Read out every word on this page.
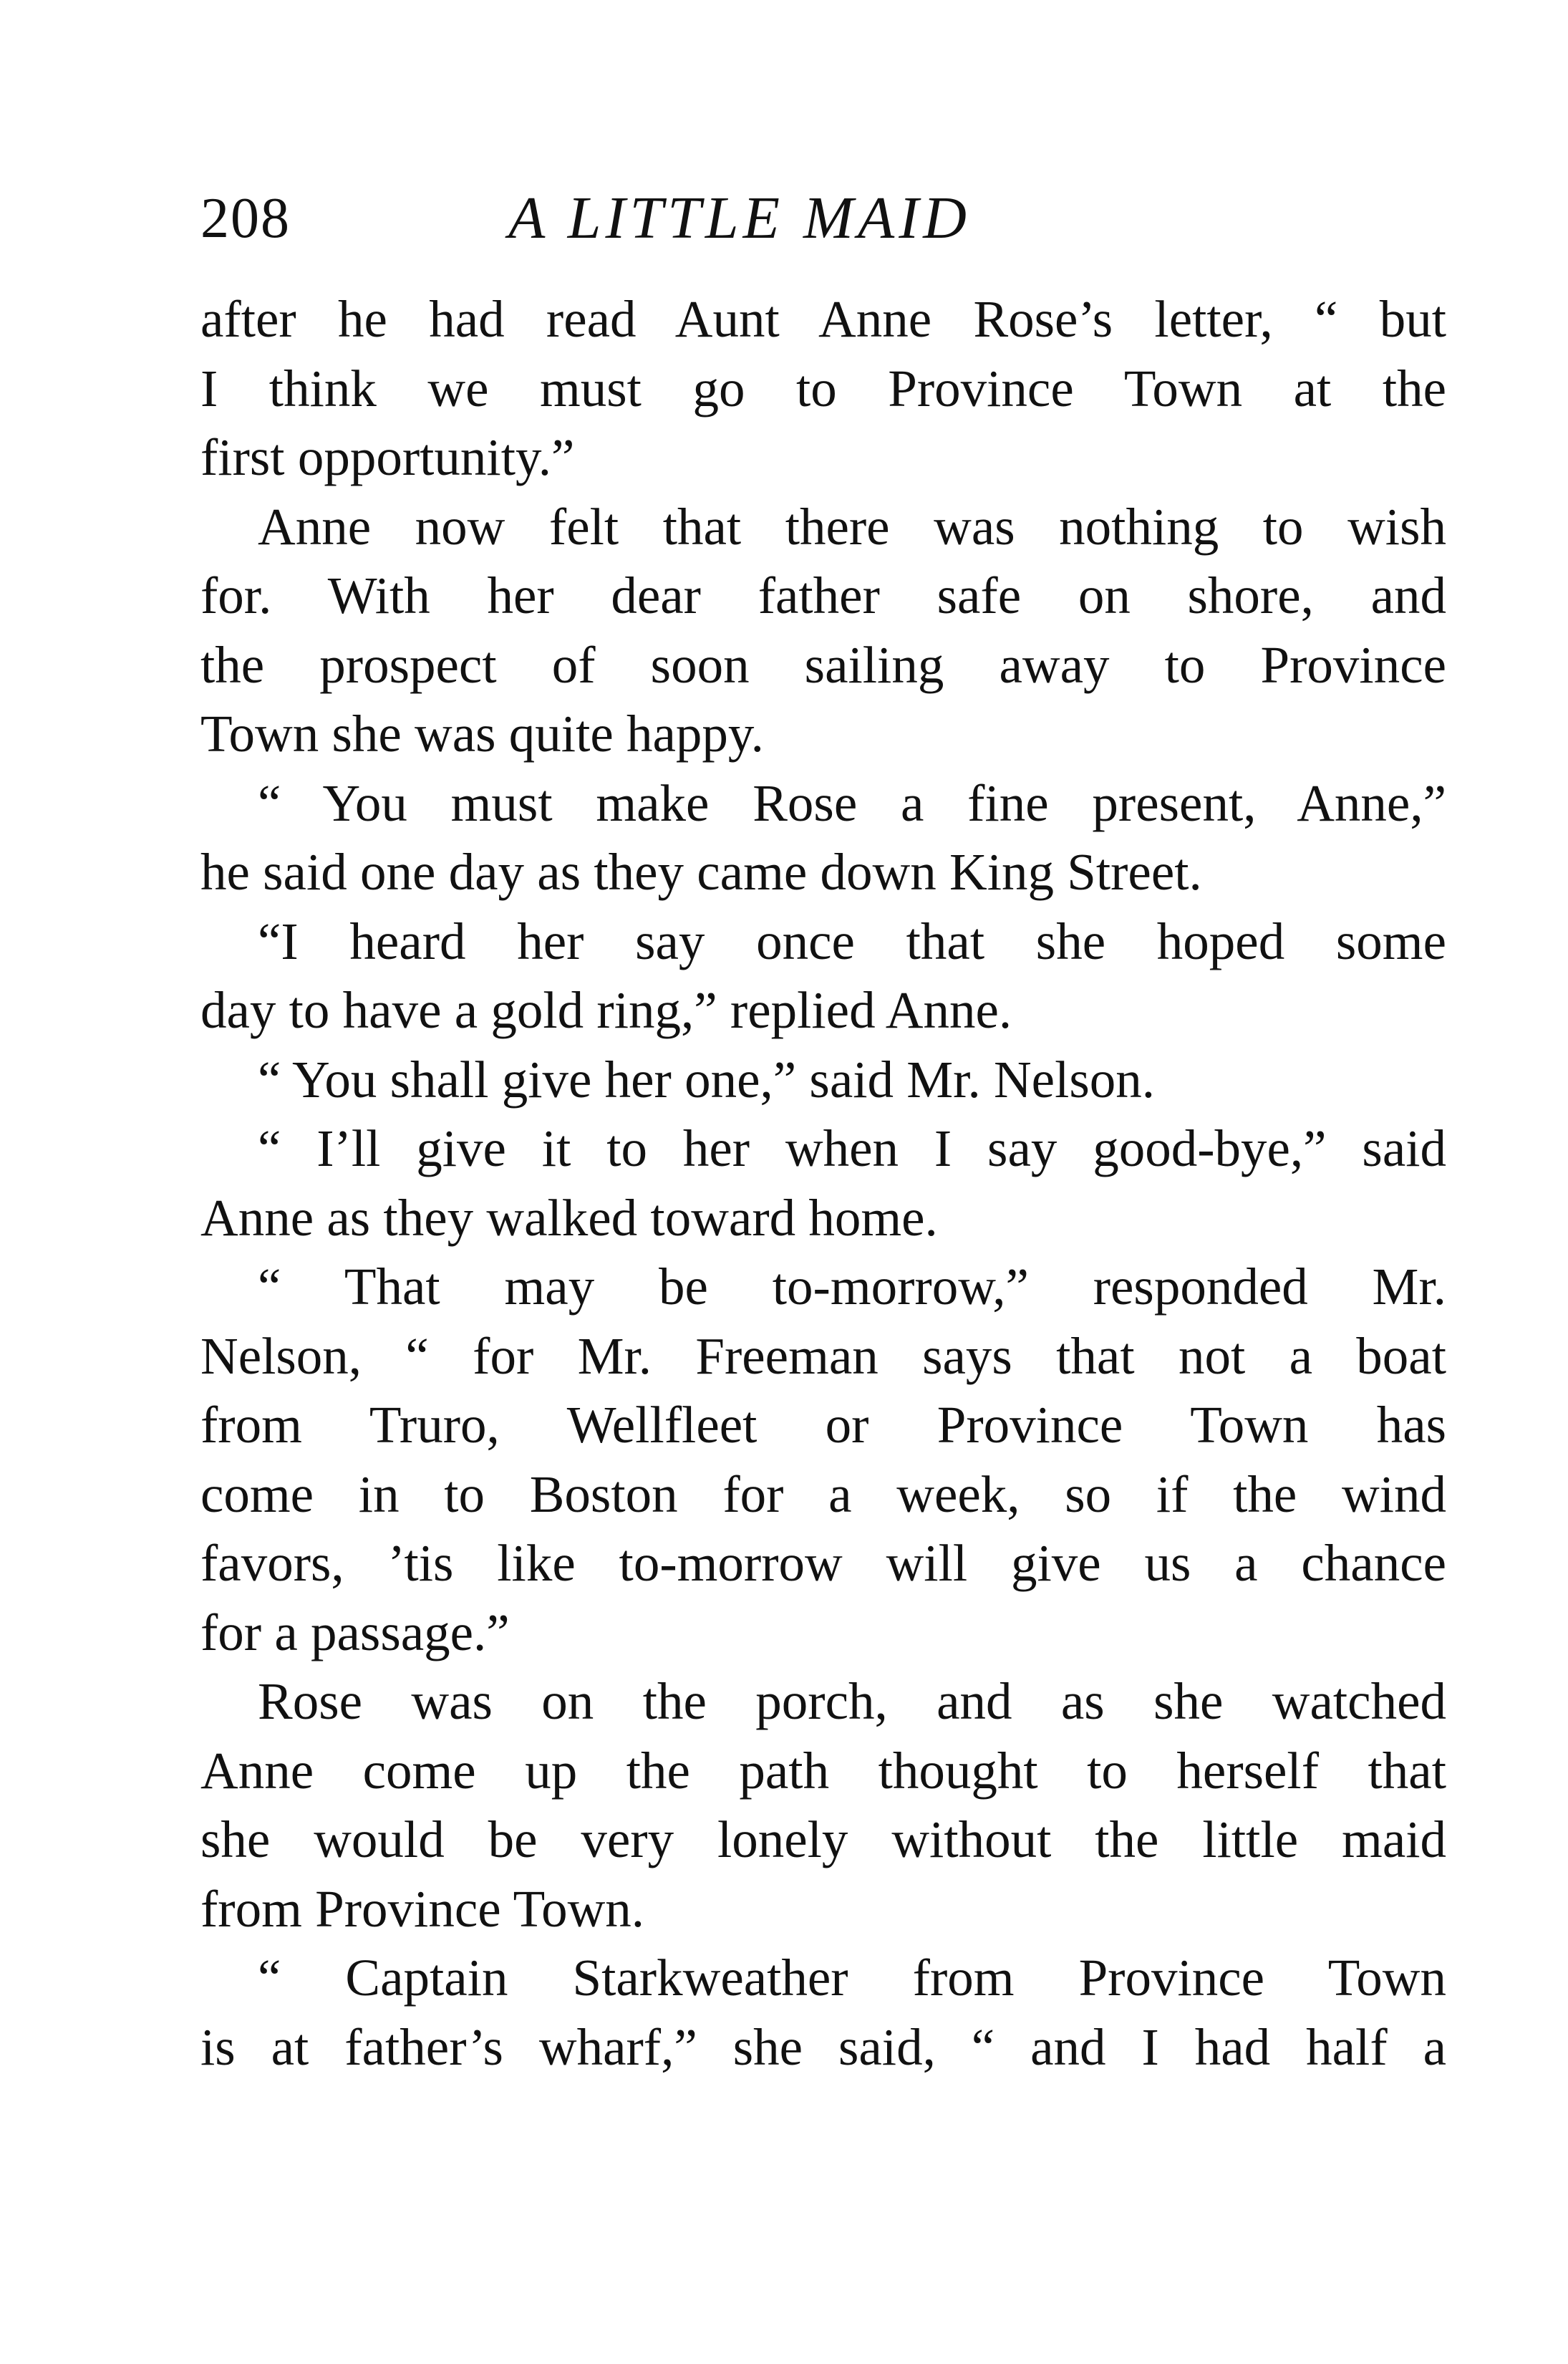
208	A LITTLE MAID
after he had read Aunt Anne Rose’s letter, “ but
I think we must go to Province Town at the
first opportunity.”
Anne now felt that there was nothing to wish
for. With her dear father safe on shore, and
the prospect of soon sailing away to Province
Town she was quite happy.
“ You must make Rose a fine present, Anne,”
he said one day as they came down King Street.
“I heard her say once that she hoped some
day to have a gold ring,” replied Anne.
“ You shall give her one,” said Mr. Nelson.
“ I’ll give it to her when I say good-bye,” said
Anne as they walked toward home.
“ That may be to-morrow,” responded Mr.
Nelson, “ for Mr. Freeman says that not a boat
from Truro, Wellfleet or Province Town has
come in to Boston for a week, so if the wind
favors, ’tis like to-morrow will give us a chance
for a passage.”
Rose was on the porch, and as she watched
Anne come up the path thought to herself that
she would be very lonely without the little maid
from Province Town.
“ Captain Starkweather from Province Town
is at father’s wharf,” she said, “ and I had half a
